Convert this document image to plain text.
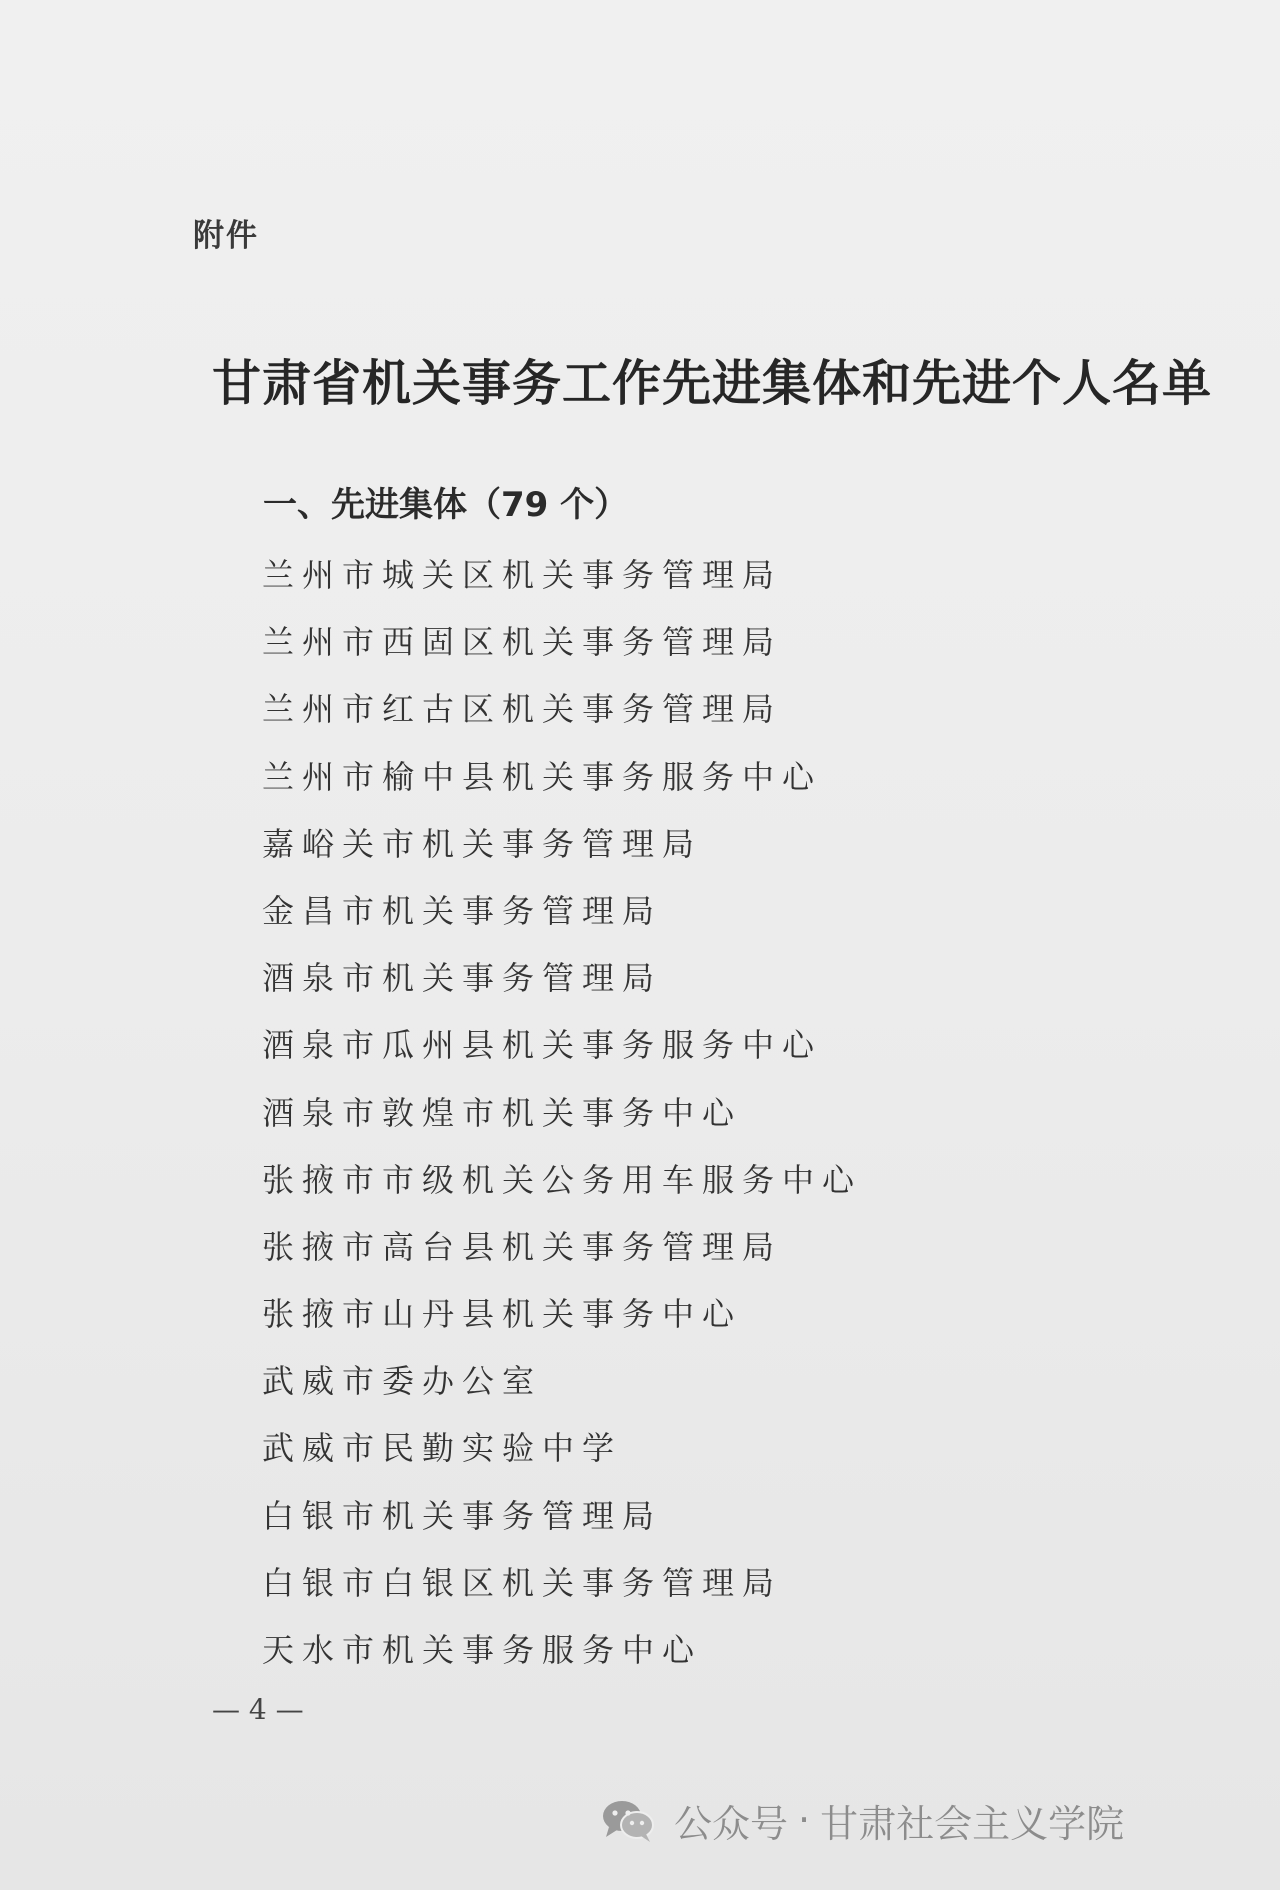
附件
甘肃省机关事务工作先进集体和先进个人名单
一、先进集体（79 个）
兰州市城关区机关事务管理局
兰州市西固区机关事务管理局
兰州市红古区机关事务管理局
兰州市榆中县机关事务服务中心
嘉峪关市机关事务管理局
金昌市机关事务管理局
酒泉市机关事务管理局
酒泉市瓜州县机关事务服务中心
酒泉市敦煌市机关事务中心
张掖市市级机关公务用车服务中心
张掖市高台县机关事务管理局
张掖市山丹县机关事务中心
武威市委办公室
武威市民勤实验中学
白银市机关事务管理局
白银市白银区机关事务管理局
天水市机关事务服务中心
— 4 —
公众号 · 甘肃社会主义学院
